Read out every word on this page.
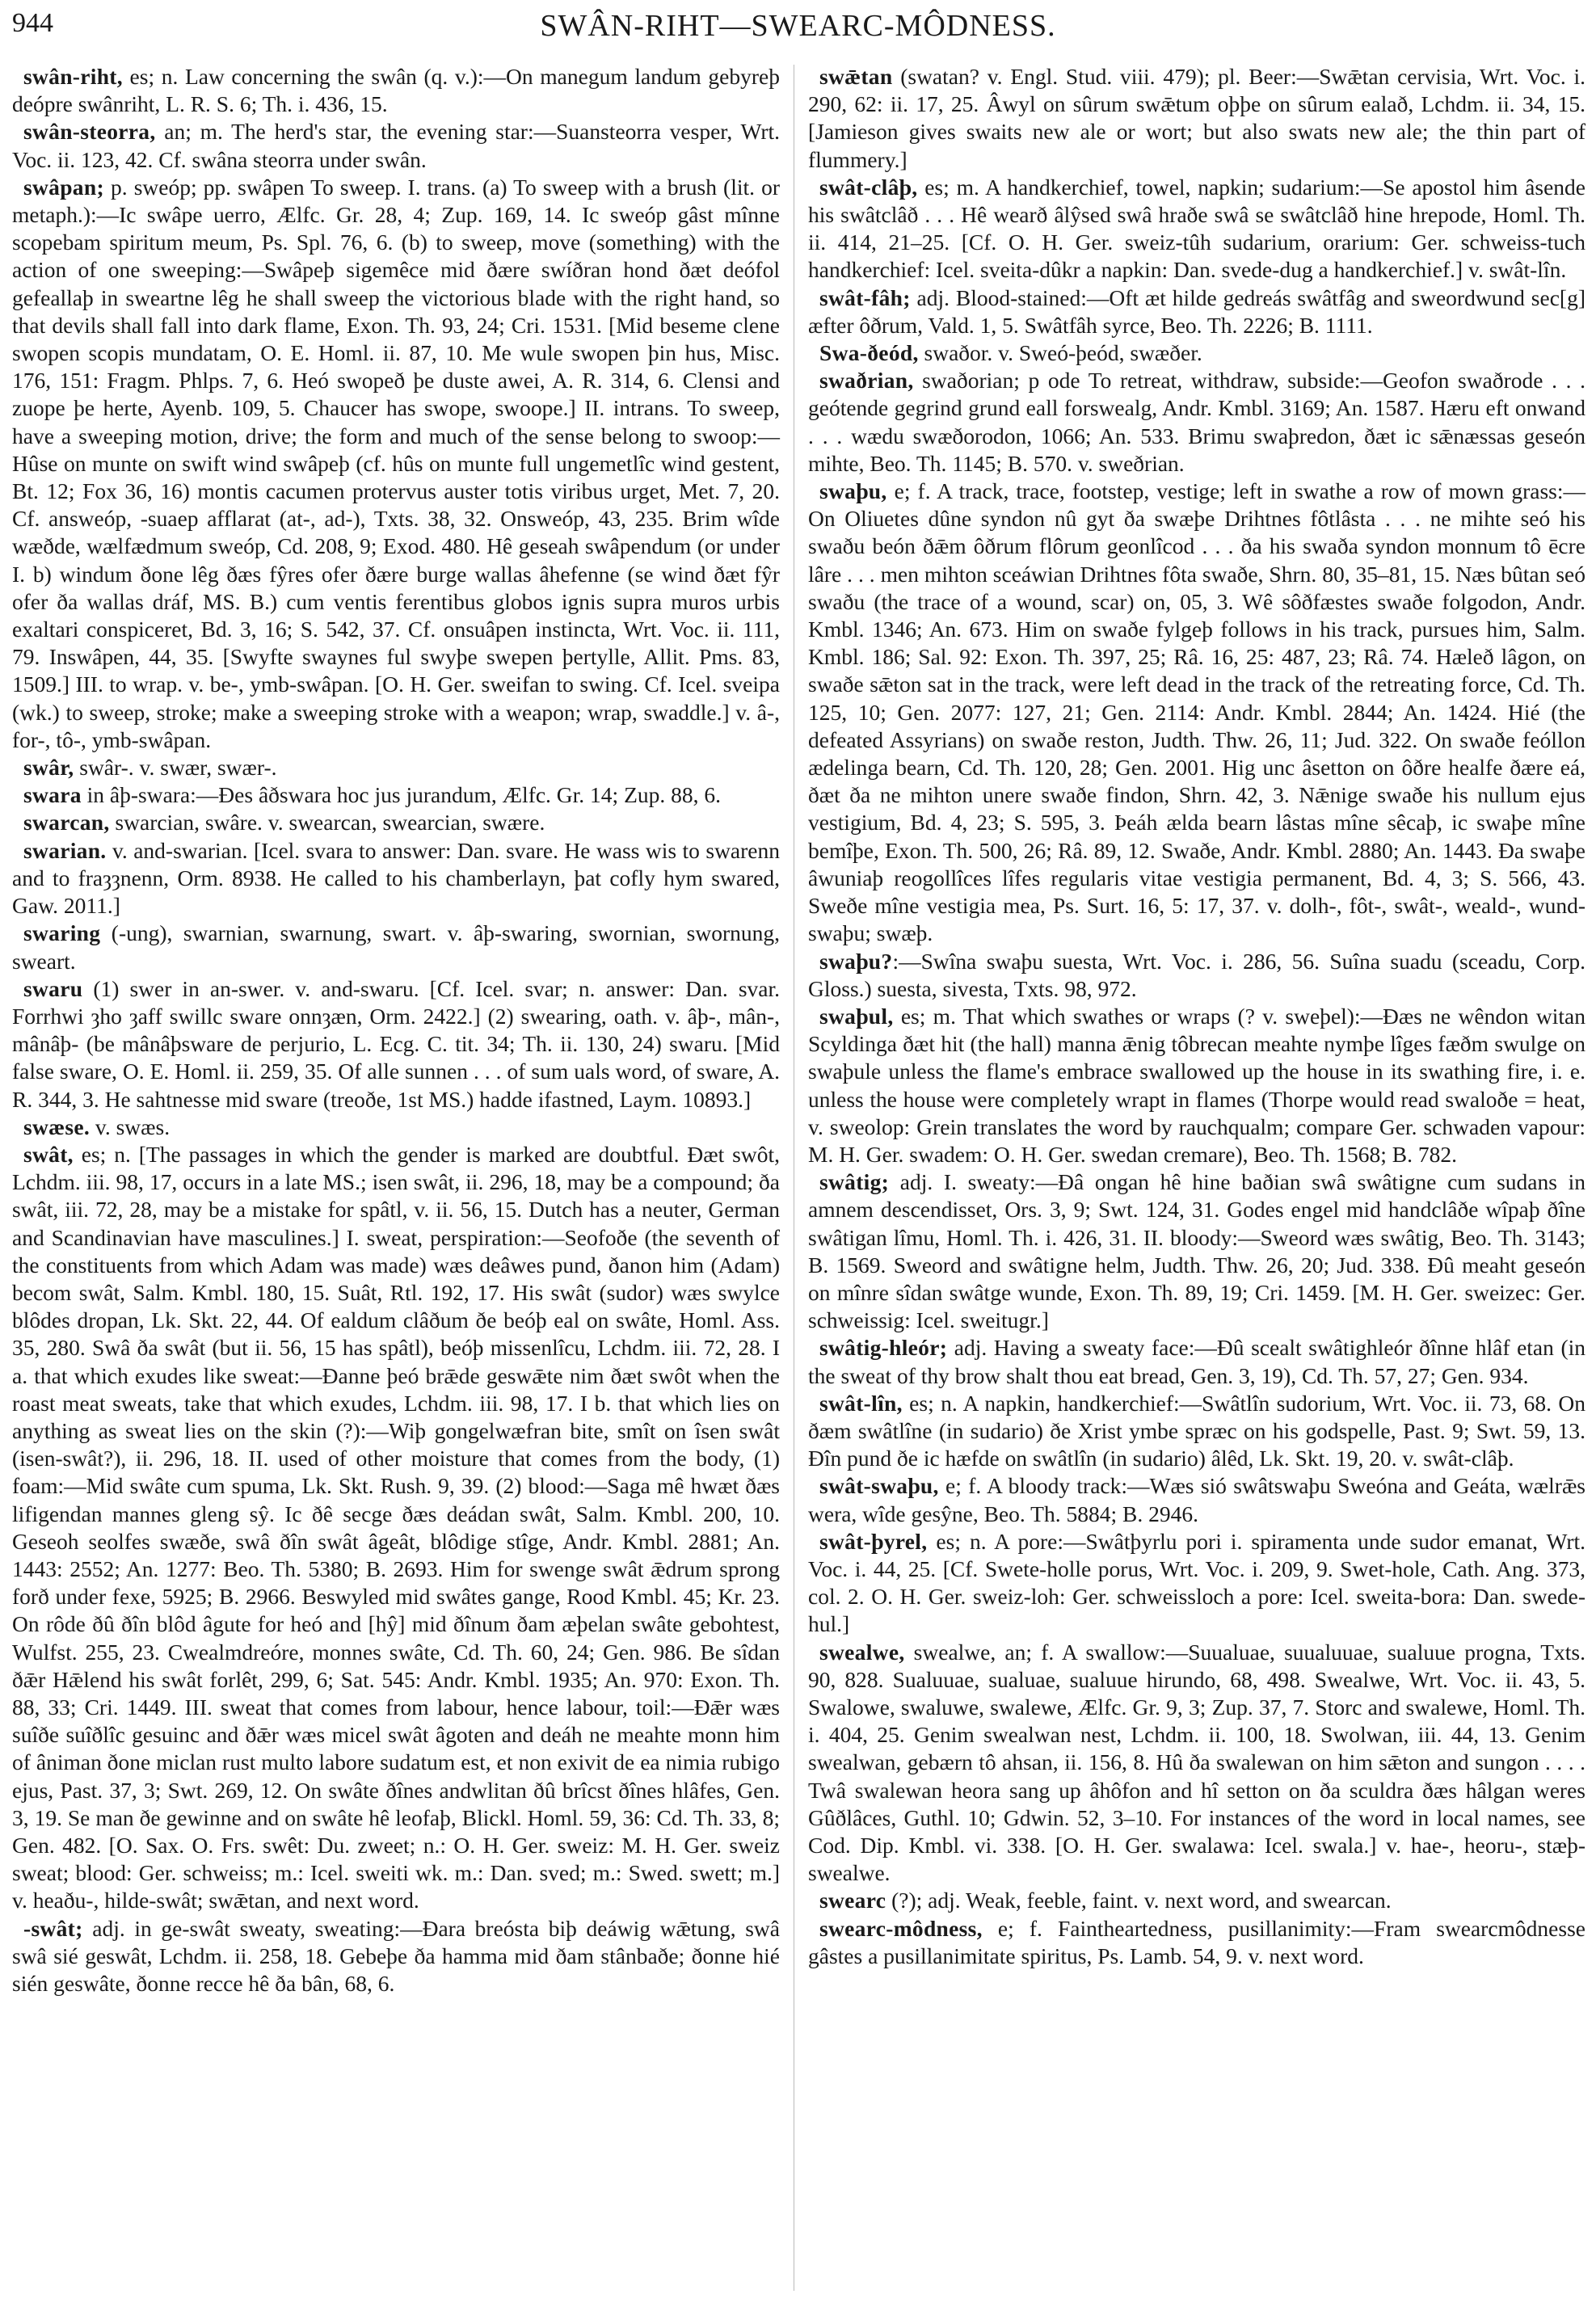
944	SWÂN-RIHT—SWEARC-MÔDNESS.

swân-riht, es; n. Law concerning the swân (q. v.):—On manegum landum gebyreþ deópre swânriht, L. R. S. 6; Th. i. 436, 15.

swân-steorra, an; m. The herd's star, the evening star:—Suansteorra vesper, Wrt. Voc. ii. 123, 42. Cf. swâna steorra under swân.

swâpan; p. sweóp; pp. swâpen To sweep. I. trans. (a) To sweep with a brush (lit. or metaph.):—Ic swâpe uerro, Ælfc. Gr. 28, 4; Zup. 169, 14. Ic sweóp gâst mînne scopebam spiritum meum, Ps. Spl. 76, 6. (b) to sweep, move (something) with the action of one sweeping:—Swâpeþ sigemêce mid ðære swíðran hond ðæt deófol gefeallaþ in sweartne lêg he shall sweep the victorious blade with the right hand, so that devils shall fall into dark flame, Exon. Th. 93, 24; Cri. 1531. [Mid beseme clene swopen scopis mundatam, O. E. Homl. ii. 87, 10. Me wule swopen þin hus, Misc. 176, 151: Fragm. Phlps. 7, 6. Heó swopeð þe duste awei, A. R. 314, 6. Clensi and zuope þe herte, Ayenb. 109, 5. Chaucer has swope, swoope.] II. intrans. To sweep, have a sweeping motion, drive; the form and much of the sense belong to swoop:—Hûse on munte on swift wind swâpeþ (cf. hûs on munte full ungemetlîc wind gestent, Bt. 12; Fox 36, 16) montis cacumen protervus auster totis viribus urget, Met. 7, 20. Cf. answeóp, -suaep afflarat (at-, ad-), Txts. 38, 32. Onsweóp, 43, 235. Brim wîde wæðde, wælfædmum sweóp, Cd. 208, 9; Exod. 480. Hê geseah swâpendum (or under I. b) windum ðone lêg ðæs fŷres ofer ðære burge wallas âhefenne (se wind ðæt fŷr ofer ða wallas dráf, MS. B.) cum ventis ferentibus globos ignis supra muros urbis exaltari conspiceret, Bd. 3, 16; S. 542, 37. Cf. onsuâpen instincta, Wrt. Voc. ii. 111, 79. Inswâpen, 44, 35. [Swyfte swaynes ful swyþe swepen þertylle, Allit. Pms. 83, 1509.] III. to wrap. v. be-, ymb-swâpan. [O. H. Ger. sweifan to swing. Cf. Icel. sveipa (wk.) to sweep, stroke; make a sweeping stroke with a weapon; wrap, swaddle.] v. â-, for-, tô-, ymb-swâpan.

swâr, swâr-. v. swær, swær-.

swara in âþ-swara:—Ðes âðswara hoc jus jurandum, Ælfc. Gr. 14; Zup. 88, 6.

swarcan, swarcian, swâre. v. swearcan, swearcian, swære.

swarian. v. and-swarian. [Icel. svara to answer: Dan. svare. He wass wis to swarenn and to fraȝȝnenn, Orm. 8938. He called to his chamberlayn, þat cofly hym swared, Gaw. 2011.]

swaring (-ung), swarnian, swarnung, swart. v. âþ-swaring, swornian, swornung, sweart.

swaru (1) swer in an-swer. v. and-swaru. [Cf. Icel. svar; n. answer: Dan. svar. Forrhwi ȝho ȝaff swillc sware onnȝæn, Orm. 2422.] (2) swearing, oath. v. âþ-, mân-, mânâþ- (be mânâþsware de perjurio, L. Ecg. C. tit. 34; Th. ii. 130, 24) swaru. [Mid false sware, O. E. Homl. ii. 259, 35. Of alle sunnen . . . of sum uals word, of sware, A. R. 344, 3. He sahtnesse mid sware (treoðe, 1st MS.) hadde ifastned, Laym. 10893.]

swæse. v. swæs.

swât, es; n. [The passages in which the gender is marked are doubtful. Ðæt swôt, Lchdm. iii. 98, 17, occurs in a late MS.; isen swât, ii. 296, 18, may be a compound; ða swât, iii. 72, 28, may be a mistake for spâtl, v. ii. 56, 15. Dutch has a neuter, German and Scandinavian have masculines.] I. sweat, perspiration:—Seofoðe (the seventh of the constituents from which Adam was made) wæs deâwes pund, ðanon him (Adam) becom swât, Salm. Kmbl. 180, 15. Suât, Rtl. 192, 17. His swât (sudor) wæs swylce blôdes dropan, Lk. Skt. 22, 44. Of ealdum clâðum ðe beóþ eal on swâte, Homl. Ass. 35, 280. Swâ ða swât (but ii. 56, 15 has spâtl), beóþ missenlîcu, Lchdm. iii. 72, 28. I a. that which exudes like sweat:—Ðanne þeó brǣde geswǣte nim ðæt swôt when the roast meat sweats, take that which exudes, Lchdm. iii. 98, 17. I b. that which lies on anything as sweat lies on the skin (?):—Wiþ gongelwæfran bite, smît on îsen swât (isen-swât?), ii. 296, 18. II. used of other moisture that comes from the body, (1) foam:—Mid swâte cum spuma, Lk. Skt. Rush. 9, 39. (2) blood:—Saga mê hwæt ðæs lifigendan mannes gleng sŷ. Ic ðê secge ðæs deádan swât, Salm. Kmbl. 200, 10. Geseoh seolfes swæðe, swâ ðîn swât âgeât, blôdige stîge, Andr. Kmbl. 2881; An. 1443: 2552; An. 1277: Beo. Th. 5380; B. 2693. Him for swenge swât ǣdrum sprong forð under fexe, 5925; B. 2966. Beswyled mid swâtes gange, Rood Kmbl. 45; Kr. 23. On rôde ðû ðîn blôd âgute for heó and [hŷ] mid ðînum ðam æþelan swâte gebohtest, Wulfst. 255, 23. Cwealmdreóre, monnes swâte, Cd. Th. 60, 24; Gen. 986. Be sîdan ðǣr Hǣlend his swât forlêt, 299, 6; Sat. 545: Andr. Kmbl. 1935; An. 970: Exon. Th. 88, 33; Cri. 1449. III. sweat that comes from labour, hence labour, toil:—Ðǣr wæs suîðe suîðlîc gesuinc and ðǣr wæs micel swât âgoten and deáh ne meahte monn him of âniman ðone miclan rust multo labore sudatum est, et non exivit de ea nimia rubigo ejus, Past. 37, 3; Swt. 269, 12. On swâte ðînes andwlitan ðû brîcst ðînes hlâfes, Gen. 3, 19. Se man ðe gewinne and on swâte hê leofaþ, Blickl. Homl. 59, 36: Cd. Th. 33, 8; Gen. 482. [O. Sax. O. Frs. swêt: Du. zweet; n.: O. H. Ger. sweiz: M. H. Ger. sweiz sweat; blood: Ger. schweiss; m.: Icel. sweiti wk. m.: Dan. sved; m.: Swed. swett; m.] v. heaðu-, hilde-swât; swǣtan, and next word.

-swât; adj. in ge-swât sweaty, sweating:—Ðara breósta biþ deáwig wǣtung, swâ swâ sié geswât, Lchdm. ii. 258, 18. Gebeþe ða hamma mid ðam stânbaðe; ðonne hié sién geswâte, ðonne recce hê ða bân, 68, 6.

swǣtan (swatan? v. Engl. Stud. viii. 479); pl. Beer:—Swǣtan cervisia, Wrt. Voc. i. 290, 62: ii. 17, 25. Âwyl on sûrum swǣtum oþþe on sûrum ealað, Lchdm. ii. 34, 15. [Jamieson gives swaits new ale or wort; but also swats new ale; the thin part of flummery.]

swât-clâþ, es; m. A handkerchief, towel, napkin; sudarium:—Se apostol him âsende his swâtclâð . . . Hê wearð âlŷsed swâ hraðe swâ se swâtclâð hine hrepode, Homl. Th. ii. 414, 21–25. [Cf. O. H. Ger. sweiz-tûh sudarium, orarium: Ger. schweiss-tuch handkerchief: Icel. sveita-dûkr a napkin: Dan. svede-dug a handkerchief.] v. swât-lîn.

swât-fâh; adj. Blood-stained:—Oft æt hilde gedreás swâtfâg and sweordwund sec[g] æfter ôðrum, Vald. 1, 5. Swâtfâh syrce, Beo. Th. 2226; B. 1111.

Swa-ðeód, swaðor. v. Sweó-þeód, swæðer.

swaðrian, swaðorian; p ode To retreat, withdraw, subside:—Geofon swaðrode . . . geótende gegrind grund eall forswealg, Andr. Kmbl. 3169; An. 1587. Hæru eft onwand . . . wædu swæðorodon, 1066; An. 533. Brimu swaþredon, ðæt ic sǣnæssas geseón mihte, Beo. Th. 1145; B. 570. v. sweðrian.

swaþu, e; f. A track, trace, footstep, vestige; left in swathe a row of mown grass:—On Oliuetes dûne syndon nû gyt ða swæþe Drihtnes fôtlâsta . . . ne mihte seó his swaðu beón ðǣm ôðrum flôrum geonlîcod . . . ða his swaða syndon monnum tô ēcre lâre . . . men mihton sceáwian Drihtnes fôta swaðe, Shrn. 80, 35–81, 15. Næs bûtan seó swaðu (the trace of a wound, scar) on, 05, 3. Wê sôðfæstes swaðe folgodon, Andr. Kmbl. 1346; An. 673. Him on swaðe fylgeþ follows in his track, pursues him, Salm. Kmbl. 186; Sal. 92: Exon. Th. 397, 25; Râ. 16, 25: 487, 23; Râ. 74. Hæleð lâgon, on swaðe sǣton sat in the track, were left dead in the track of the retreating force, Cd. Th. 125, 10; Gen. 2077: 127, 21; Gen. 2114: Andr. Kmbl. 2844; An. 1424. Hié (the defeated Assyrians) on swaðe reston, Judth. Thw. 26, 11; Jud. 322. On swaðe feóllon ædelinga bearn, Cd. Th. 120, 28; Gen. 2001. Hig unc âsetton on ôðre healfe ðære eá, ðæt ða ne mihton unere swaðe findon, Shrn. 42, 3. Nǣnige swaðe his nullum ejus vestigium, Bd. 4, 23; S. 595, 3. Þeáh ælda bearn lâstas mîne sêcaþ, ic swaþe mîne bemîþe, Exon. Th. 500, 26; Râ. 89, 12. Swaðe, Andr. Kmbl. 2880; An. 1443. Ða swaþe âwuniaþ reogollîces lîfes regularis vitae vestigia permanent, Bd. 4, 3; S. 566, 43. Sweðe mîne vestigia mea, Ps. Surt. 16, 5: 17, 37. v. dolh-, fôt-, swât-, weald-, wund-swaþu; swæþ.

swaþu?:—Swîna swaþu suesta, Wrt. Voc. i. 286, 56. Suîna suadu (sceadu, Corp. Gloss.) suesta, sivesta, Txts. 98, 972.

swaþul, es; m. That which swathes or wraps (? v. sweþel):—Ðæs ne wêndon witan Scyldinga ðæt hit (the hall) manna ǣnig tôbrecan meahte nymþe lîges fæðm swulge on swaþule unless the flame's embrace swallowed up the house in its swathing fire, i. e. unless the house were completely wrapt in flames (Thorpe would read swaloðe = heat, v. sweolop: Grein translates the word by rauchqualm; compare Ger. schwaden vapour: M. H. Ger. swadem: O. H. Ger. swedan cremare), Beo. Th. 1568; B. 782.

swâtig; adj. I. sweaty:—Ðâ ongan hê hine baðian swâ swâtigne cum sudans in amnem descendisset, Ors. 3, 9; Swt. 124, 31. Godes engel mid handclâðe wîpaþ ðîne swâtigan lîmu, Homl. Th. i. 426, 31. II. bloody:—Sweord wæs swâtig, Beo. Th. 3143; B. 1569. Sweord and swâtigne helm, Judth. Thw. 26, 20; Jud. 338. Ðû meaht geseón on mînre sîdan swâtge wunde, Exon. Th. 89, 19; Cri. 1459. [M. H. Ger. sweizec: Ger. schweissig: Icel. sweitugr.]

swâtig-hleór; adj. Having a sweaty face:—Ðû scealt swâtighleór ðînne hlâf etan (in the sweat of thy brow shalt thou eat bread, Gen. 3, 19), Cd. Th. 57, 27; Gen. 934.

swât-lîn, es; n. A napkin, handkerchief:—Swâtlîn sudorium, Wrt. Voc. ii. 73, 68. On ðæm swâtlîne (in sudario) ðe Xrist ymbe spræc on his godspelle, Past. 9; Swt. 59, 13. Ðîn pund ðe ic hæfde on swâtlîn (in sudario) âlêd, Lk. Skt. 19, 20. v. swât-clâþ.

swât-swaþu, e; f. A bloody track:—Wæs sió swâtswaþu Sweóna and Geáta, wælrǣs wera, wîde gesŷne, Beo. Th. 5884; B. 2946.

swât-þyrel, es; n. A pore:—Swâtþyrlu pori i. spiramenta unde sudor emanat, Wrt. Voc. i. 44, 25. [Cf. Swete-holle porus, Wrt. Voc. i. 209, 9. Swet-hole, Cath. Ang. 373, col. 2. O. H. Ger. sweiz-loh: Ger. schweissloch a pore: Icel. sweita-bora: Dan. swede-hul.]

swealwe, swealwe, an; f. A swallow:—Suualuae, suualuuae, sualuue progna, Txts. 90, 828. Sualuuae, sualuae, sualuue hirundo, 68, 498. Swealwe, Wrt. Voc. ii. 43, 5. Swalowe, swaluwe, swalewe, Ælfc. Gr. 9, 3; Zup. 37, 7. Storc and swalewe, Homl. Th. i. 404, 25. Genim swealwan nest, Lchdm. ii. 100, 18. Swolwan, iii. 44, 13. Genim swealwan, gebærn tô ahsan, ii. 156, 8. Hû ða swalewan on him sǣton and sungon . . . . Twâ swalewan heora sang up âhôfon and hî setton on ða sculdra ðæs hâlgan weres Gûðlâces, Guthl. 10; Gdwin. 52, 3–10. For instances of the word in local names, see Cod. Dip. Kmbl. vi. 338. [O. H. Ger. swalawa: Icel. swala.] v. hae-, heoru-, stæþ-swealwe.

swearc (?); adj. Weak, feeble, faint. v. next word, and swearcan.

swearc-môdness, e; f. Faintheartedness, pusillanimity:—Fram swearcmôdnesse gâstes a pusillanimitate spiritus, Ps. Lamb. 54, 9. v. next word.
